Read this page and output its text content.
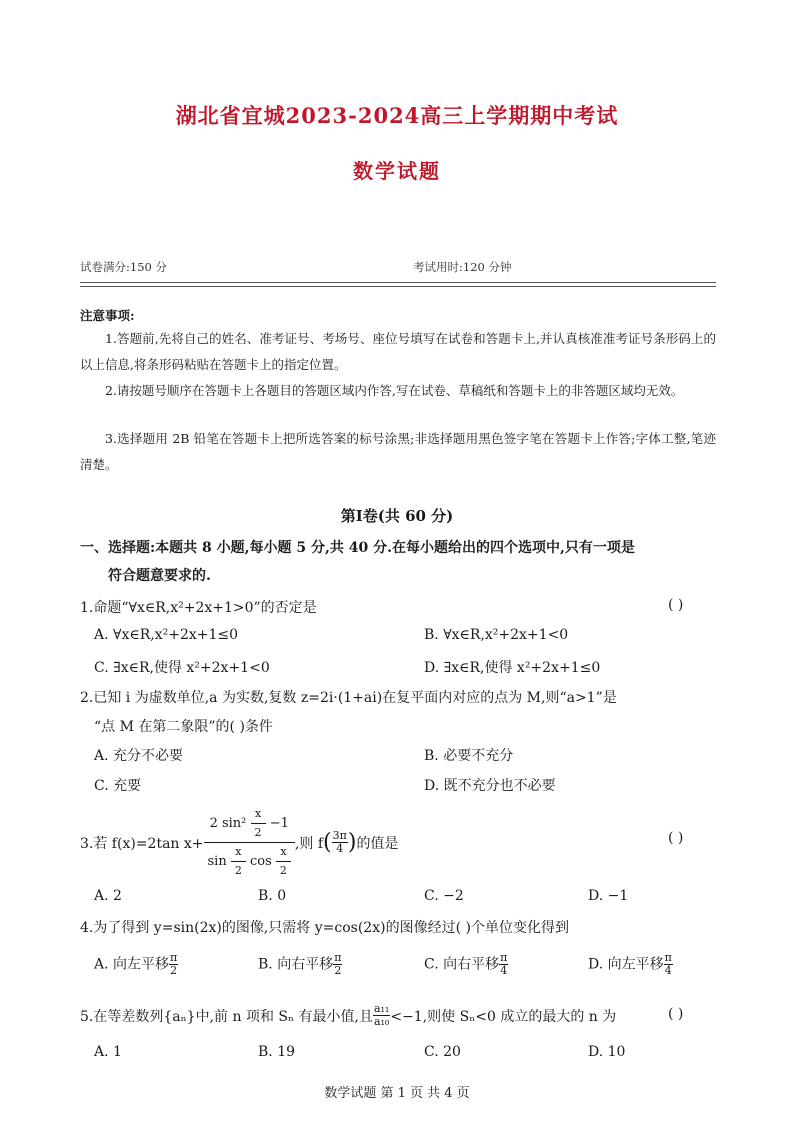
湖北省宜城2023-2024高三上学期期中考试
数学试题
试卷满分:150 分	考试用时:120 分钟
注意事项:
1.答题前,先将自己的姓名、准考证号、考场号、座位号填写在试卷和答题卡上,并认真核准准考证号条形码上的以上信息,将条形码粘贴在答题卡上的指定位置。
2.请按题号顺序在答题卡上各题目的答题区域内作答,写在试卷、草稿纸和答题卡上的非答题区域均无效。
3.选择题用 2B 铅笔在答题卡上把所选答案的标号涂黑;非选择题用黑色签字笔在答题卡上作答;字体工整,笔迹清楚。
第Ⅰ卷(共 60 分)
一、选择题:本题共 8 小题,每小题 5 分,共 40 分.在每小题给出的四个选项中,只有一项是
符合题意要求的.
1.命题“∀x∈R,x²+2x+1>0”的否定是	( )
A. ∀x∈R,x²+2x+1≤0	B. ∀x∈R,x²+2x+1<0
C. ∃x∈R,使得 x²+2x+1<0	D. ∃x∈R,使得 x²+2x+1≤0
2.已知 i 为虚数单位,a 为实数,复数 z=2i·(1+ai)在复平面内对应的点为 M,则“a>1”是
“点 M 在第二象限”的( )条件
A. 充分不必要	B. 必要不充分
C. 充要	D. 既不充分也不必要
3.若 f(x)=2tan $x+ \frac{2 \sin^2 \frac{x}{2} -1}{\sin \frac{x}{2} \cos \frac{x}{2}}$ ,则 f ( $\frac{3\pi}{4}$ ) 的值是	( )
A. 2	B. 0	C. −2	D. −1
4.为了得到 y=sin(2x)的图像,只需将 y=cos(2x)的图像经过( )个单位变化得到
A. 向左平移 $\frac{\pi}{2}$	B. 向右平移 $\frac{\pi}{2}$	C. 向右平移 $\frac{\pi}{4}$	D. 向左平移 $\frac{\pi}{4}$
5.在等差数列{aₙ}中,前 n 项和 Sₙ 有最小值,且 $\frac{\text{a₁₁}}{\text{a₁₀}} <-1$,则使 Sₙ<0 成立的最大的 n 为	( )
A. 1	B. 19	C. 20	D. 10
数学试题 第 1 页 共 4 页
